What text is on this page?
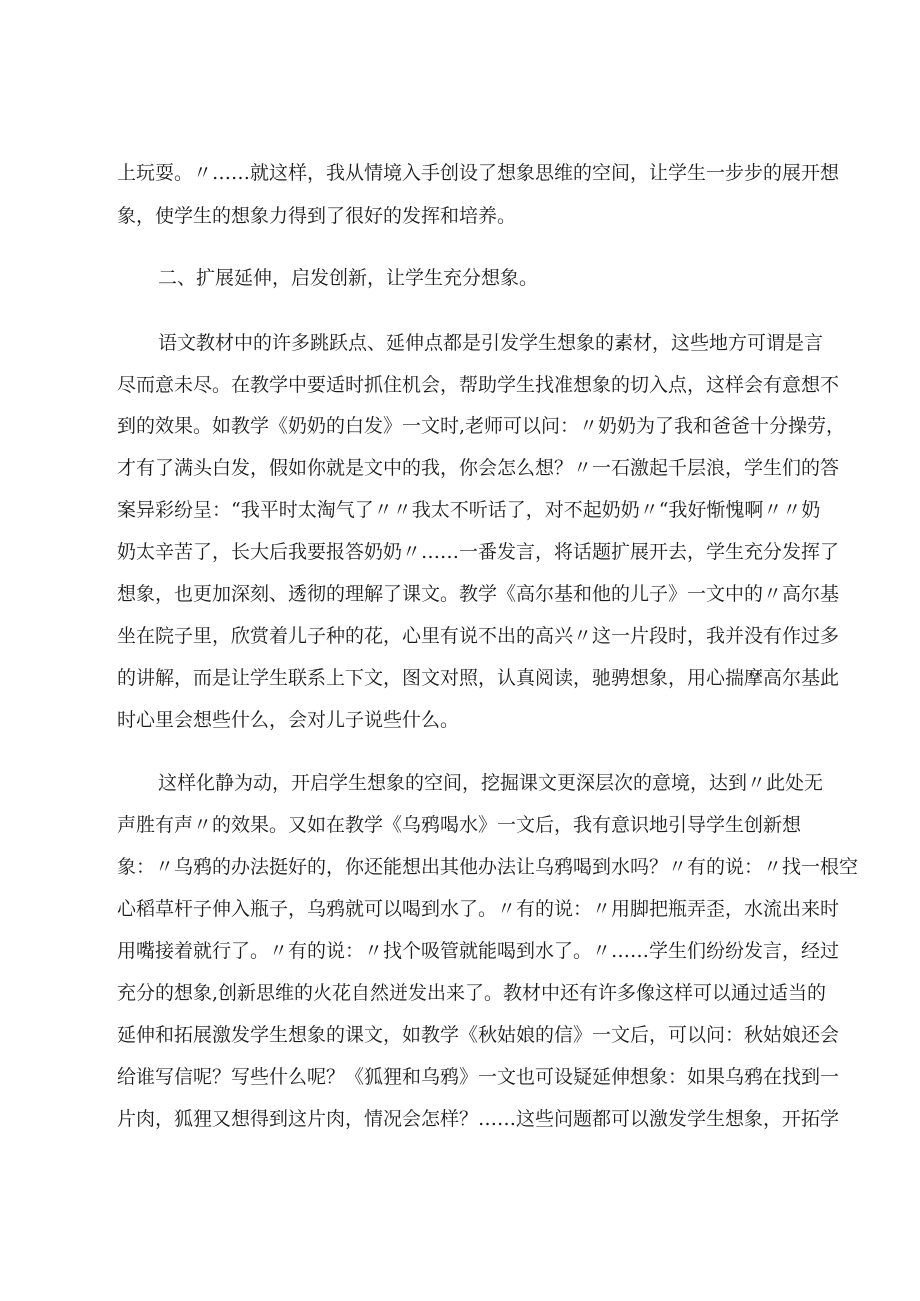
上玩耍。〃……就这样，我从情境入手创设了想象思维的空间，让学生一步步的展开想
象，使学生的想象力得到了很好的发挥和培养。
二、扩展延伸，启发创新，让学生充分想象。
语文教材中的许多跳跃点、延伸点都是引发学生想象的素材，这些地方可谓是言
尽而意未尽。在教学中要适时抓住机会，帮助学生找准想象的切入点，这样会有意想不
到的效果。如教学《奶奶的白发》一文时,老师可以问：〃奶奶为了我和爸爸十分操劳，
才有了满头白发，假如你就是文中的我，你会怎么想？〃一石激起千层浪，学生们的答
案异彩纷呈：“我平时太淘气了〃〃我太不听话了，对不起奶奶〃“我好惭愧啊〃〃奶
奶太辛苦了，长大后我要报答奶奶〃……一番发言，将话题扩展开去，学生充分发挥了
想象，也更加深刻、透彻的理解了课文。教学《高尔基和他的儿子》一文中的〃高尔基
坐在院子里，欣赏着儿子种的花，心里有说不出的高兴〃这一片段时，我并没有作过多
的讲解，而是让学生联系上下文，图文对照，认真阅读，驰骋想象，用心揣摩高尔基此
时心里会想些什么，会对儿子说些什么。
这样化静为动，开启学生想象的空间，挖掘课文更深层次的意境，达到〃此处无
声胜有声〃的效果。又如在教学《乌鸦喝水》一文后，我有意识地引导学生创新想
象：〃乌鸦的办法挺好的，你还能想出其他办法让乌鸦喝到水吗？〃有的说：〃找一根空
心稻草杆子伸入瓶子，乌鸦就可以喝到水了。〃有的说：〃用脚把瓶弄歪，水流出来时
用嘴接着就行了。〃有的说：〃找个吸管就能喝到水了。〃……学生们纷纷发言，经过
充分的想象,创新思维的火花自然迸发出来了。教材中还有许多像这样可以通过适当的
延伸和拓展激发学生想象的课文，如教学《秋姑娘的信》一文后，可以问：秋姑娘还会
给谁写信呢？写些什么呢？《狐狸和乌鸦》一文也可设疑延伸想象：如果乌鸦在找到一
片肉，狐狸又想得到这片肉，情况会怎样？……这些问题都可以激发学生想象，开拓学
